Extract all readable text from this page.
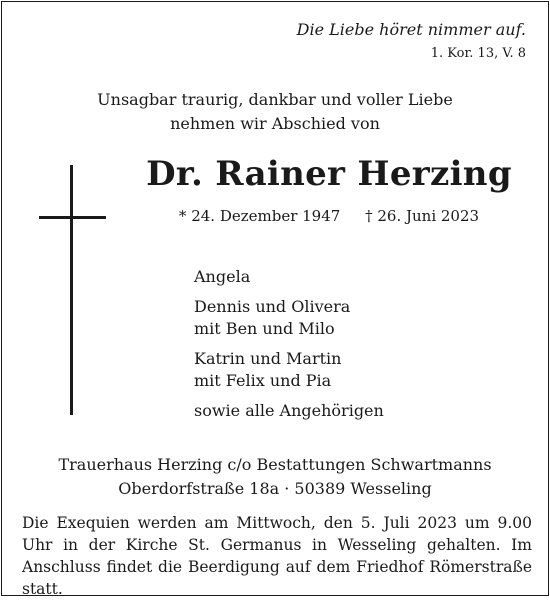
Die Liebe höret nimmer auf.
1. Kor. 13, V. 8
Unsagbar traurig, dankbar und voller Liebe
nehmen wir Abschied von
Dr. Rainer Herzing
* 24. Dezember 1947 † 26. Juni 2023
Angela
Dennis und Olivera
mit Ben und Milo
Katrin und Martin
mit Felix und Pia
sowie alle Angehörigen
Trauerhaus Herzing c/o Bestattungen Schwartmanns
Oberdorfstraße 18a · 50389 Wesseling
Die Exequien werden am Mittwoch, den 5. Juli 2023 um 9.00 Uhr in der Kirche St. Germanus in Wesseling gehalten. Im Anschluss findet die Beerdigung auf dem Friedhof Römerstraße statt.
